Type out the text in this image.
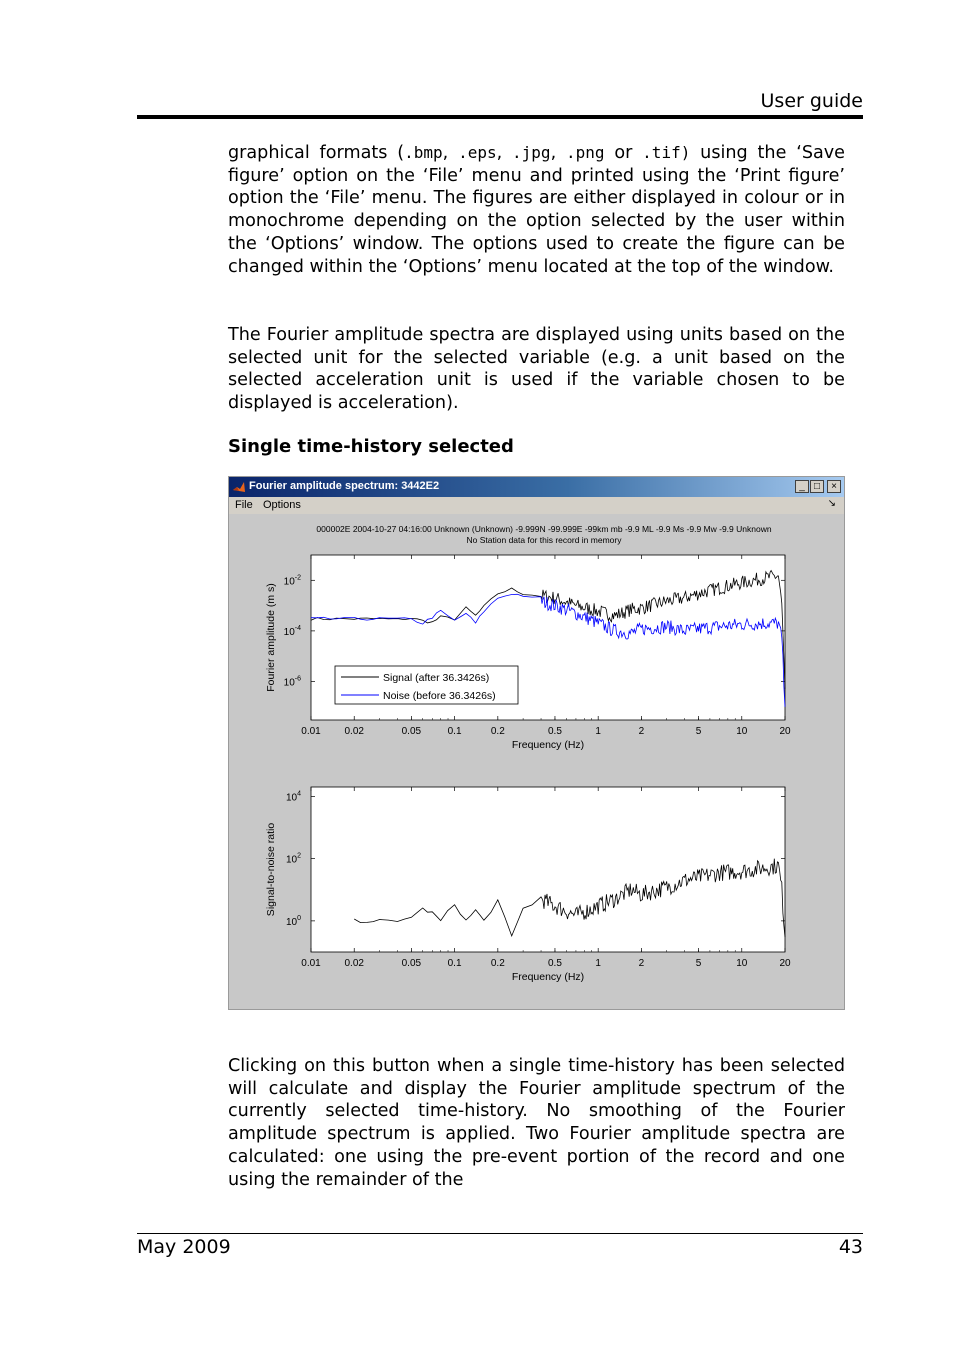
User guide

graphical formats (.bmp, .eps, .jpg, .png or .tif) using the ‘Save figure’ option on the ‘File’ menu and printed using the ‘Print figure’ option the ‘File’ menu. The figures are either displayed in colour or in monochrome depending on the option selected by the user within the ‘Options’ window. The options used to create the figure can be changed within the ‘Options’ menu located at the top of the window.

The Fourier amplitude spectra are displayed using units based on the selected unit for the selected variable (e.g. a unit based on the selected acceleration unit is used if the variable chosen to be displayed is acceleration).

Single time-history selected
Fourier amplitude spectrum: 3442E2	_ □	×
File Options	↘
000002E 2004-10-27 04:16:00 Unknown (Unknown) -9.999N -99.999E -99km mb -9.9 ML -9.9 Ms -9.9 Mw -9.9 Unknown
No Station data for this record in memory
0.01 0.02	0.05	0.1	0.2	0.5	1	2	5	10	20
$10^{-2}$
$10^{-4}$
$10^{-6}$
Frequency (Hz)
Fourier amplitude (m s)	Signal (after 36.3426s)
Noise (before 36.3426s)
0.01 0.02	0.05	0.1	0.2	0.5	1	2	5	10	20
$10^4$
$10^2$
$10^0$
Frequency (Hz)
Signal-to-noise ratio

Clicking on this button when a single time-history has been selected will calculate and display the Fourier amplitude spectrum of the currently selected time-history. No smoothing of the Fourier amplitude spectrum is applied. Two Fourier amplitude spectra are calculated: one using the pre-event portion of the record and one using the remainder of the

May 2009	43
